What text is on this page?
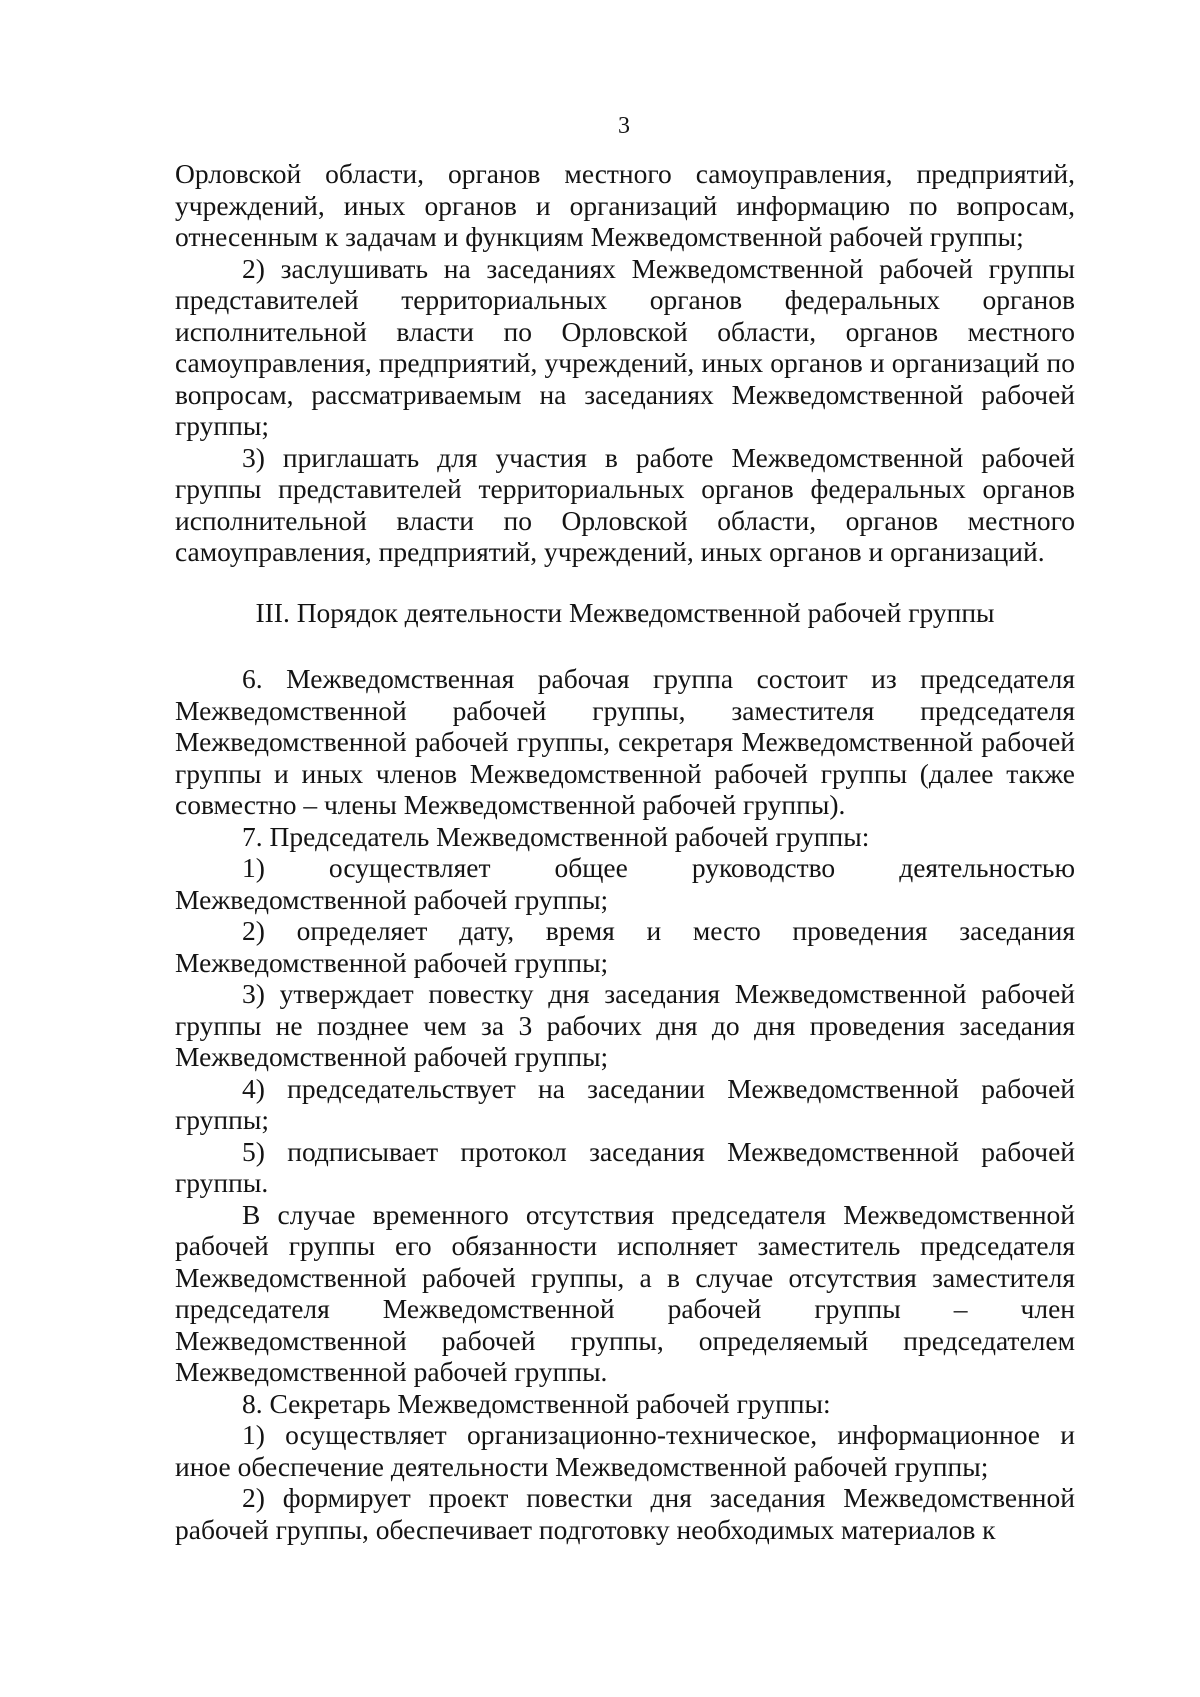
3

Орловской области, органов местного самоуправления, предприятий, учреждений, иных органов и организаций информацию по вопросам, отнесенным к задачам и функциям Межведомственной рабочей группы;

2) заслушивать на заседаниях Межведомственной рабочей группы представителей территориальных органов федеральных органов исполнительной власти по Орловской области, органов местного самоуправления, предприятий, учреждений, иных органов и организаций по вопросам, рассматриваемым на заседаниях Межведомственной рабочей группы;

3) приглашать для участия в работе Межведомственной рабочей группы представителей территориальных органов федеральных органов исполнительной власти по Орловской области, органов местного самоуправления, предприятий, учреждений, иных органов и организаций.

III. Порядок деятельности Межведомственной рабочей группы

6. Межведомственная рабочая группа состоит из председателя Межведомственной рабочей группы, заместителя председателя Межведомственной рабочей группы, секретаря Межведомственной рабочей группы и иных членов Межведомственной рабочей группы (далее также совместно – члены Межведомственной рабочей группы).

7. Председатель Межведомственной рабочей группы:

1) осуществляет общее руководство деятельностью Межведомственной рабочей группы;

2) определяет дату, время и место проведения заседания Межведомственной рабочей группы;

3) утверждает повестку дня заседания Межведомственной рабочей группы не позднее чем за 3 рабочих дня до дня проведения заседания Межведомственной рабочей группы;

4) председательствует на заседании Межведомственной рабочей группы;

5) подписывает протокол заседания Межведомственной рабочей группы.

В случае временного отсутствия председателя Межведомственной рабочей группы его обязанности исполняет заместитель председателя Межведомственной рабочей группы, а в случае отсутствия заместителя председателя Межведомственной рабочей группы – член Межведомственной рабочей группы, определяемый председателем Межведомственной рабочей группы.

8. Секретарь Межведомственной рабочей группы:

1) осуществляет организационно-техническое, информационное и иное обеспечение деятельности Межведомственной рабочей группы;

2) формирует проект повестки дня заседания Межведомственной рабочей группы, обеспечивает подготовку необходимых материалов к
